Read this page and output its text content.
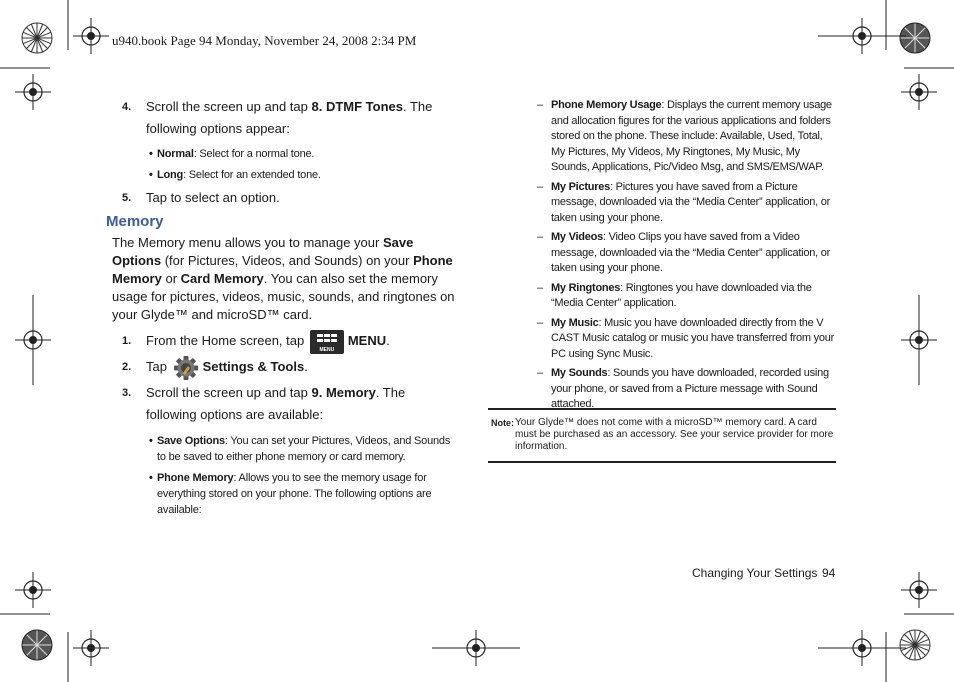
u940.book Page 94 Monday, November 24, 2008 2:34 PM
4. Scroll the screen up and tap 8. DTMF Tones. The following options appear:
• Normal: Select for a normal tone.
• Long: Select for an extended tone.
5. Tap to select an option.
Memory

The Memory menu allows you to manage your Save Options (for Pictures, Videos, and Sounds) on your Phone Memory or Card Memory. You can also set the memory usage for pictures, videos, music, sounds, and ringtones on your Glyde™ and microSD™ card.

1. From the Home screen, tap
MENU
MENU.
2. Tap Settings & Tools.
3. Scroll the screen up and tap 9. Memory. The following options are available:
• Save Options: You can set your Pictures, Videos, and Sounds to be saved to either phone memory or card memory.
• Phone Memory: Allows you to see the memory usage for everything stored on your phone. The following options are available:
– Phone Memory Usage: Displays the current memory usage and allocation figures for the various applications and folders stored on the phone. These include: Available, Used, Total, My Pictures, My Videos, My Ringtones, My Music, My Sounds, Applications, Pic/Video Msg, and SMS/EMS/WAP.
– My Pictures: Pictures you have saved from a Picture message, downloaded via the “Media Center” application, or taken using your phone.
– My Videos: Video Clips you have saved from a Video message, downloaded via the “Media Center” application, or taken using your phone.
– My Ringtones: Ringtones you have downloaded via the “Media Center” application.
– My Music: Music you have downloaded directly from the V CAST Music catalog or music you have transferred from your PC using Sync Music.
– My Sounds: Sounds you have downloaded, recorded using your phone, or saved from a Picture message with Sound attached.
Note: Your Glyde™ does not come with a microSD™ memory card. A card must be purchased as an accessory. See your service provider for more information.
Changing Your Settings 94
